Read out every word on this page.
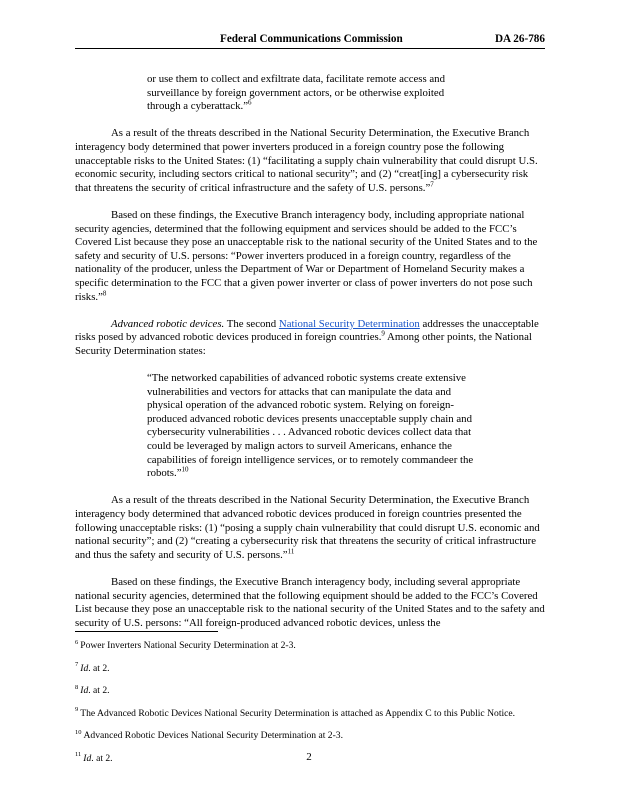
Federal Communications Commission	DA 26-786

or use them to collect and exfiltrate data, facilitate remote access and surveillance by foreign government actors, or be otherwise exploited through a cyberattack.”$^6$

As a result of the threats described in the National Security Determination, the Executive Branch interagency body determined that power inverters produced in a foreign country pose the following unacceptable risks to the United States: (1) “facilitating a supply chain vulnerability that could disrupt U.S. economic security, including sectors critical to national security”; and (2) “creat[ing] a cybersecurity risk that threatens the security of critical infrastructure and the safety of U.S. persons.”$^7$

Based on these findings, the Executive Branch interagency body, including appropriate national security agencies, determined that the following equipment and services should be added to the FCC’s Covered List because they pose an unacceptable risk to the national security of the United States and to the safety and security of U.S. persons: “Power inverters produced in a foreign country, regardless of the nationality of the producer, unless the Department of War or Department of Homeland Security makes a specific determination to the FCC that a given power inverter or class of power inverters do not pose such risks.”$^8$

Advanced robotic devices. The second National Security Determination addresses the unacceptable risks posed by advanced robotic devices produced in foreign countries.$^9$ Among other points, the National Security Determination states:

“The networked capabilities of advanced robotic systems create extensive vulnerabilities and vectors for attacks that can manipulate the data and physical operation of the advanced robotic system. Relying on foreign-produced advanced robotic devices presents unacceptable supply chain and cybersecurity vulnerabilities . . . Advanced robotic devices collect data that could be leveraged by malign actors to surveil Americans, enhance the capabilities of foreign intelligence services, or to remotely commandeer the robots.”$^{10}$

As a result of the threats described in the National Security Determination, the Executive Branch interagency body determined that advanced robotic devices produced in foreign countries presented the following unacceptable risks: (1) “posing a supply chain vulnerability that could disrupt U.S. economic and national security”; and (2) “creating a cybersecurity risk that threatens the security of critical infrastructure and thus the safety and security of U.S. persons.”$^{11}$

Based on these findings, the Executive Branch interagency body, including several appropriate national security agencies, determined that the following equipment should be added to the FCC’s Covered List because they pose an unacceptable risk to the national security of the United States and to the safety and security of U.S. persons: “All foreign-produced advanced robotic devices, unless the

$^6$ Power Inverters National Security Determination at 2-3.

$^7$ Id. at 2.

$^8$ Id. at 2.

$^9$ The Advanced Robotic Devices National Security Determination is attached as Appendix C to this Public Notice.

$^{10}$ Advanced Robotic Devices National Security Determination at 2-3.

$^{11}$ Id. at 2.	2
